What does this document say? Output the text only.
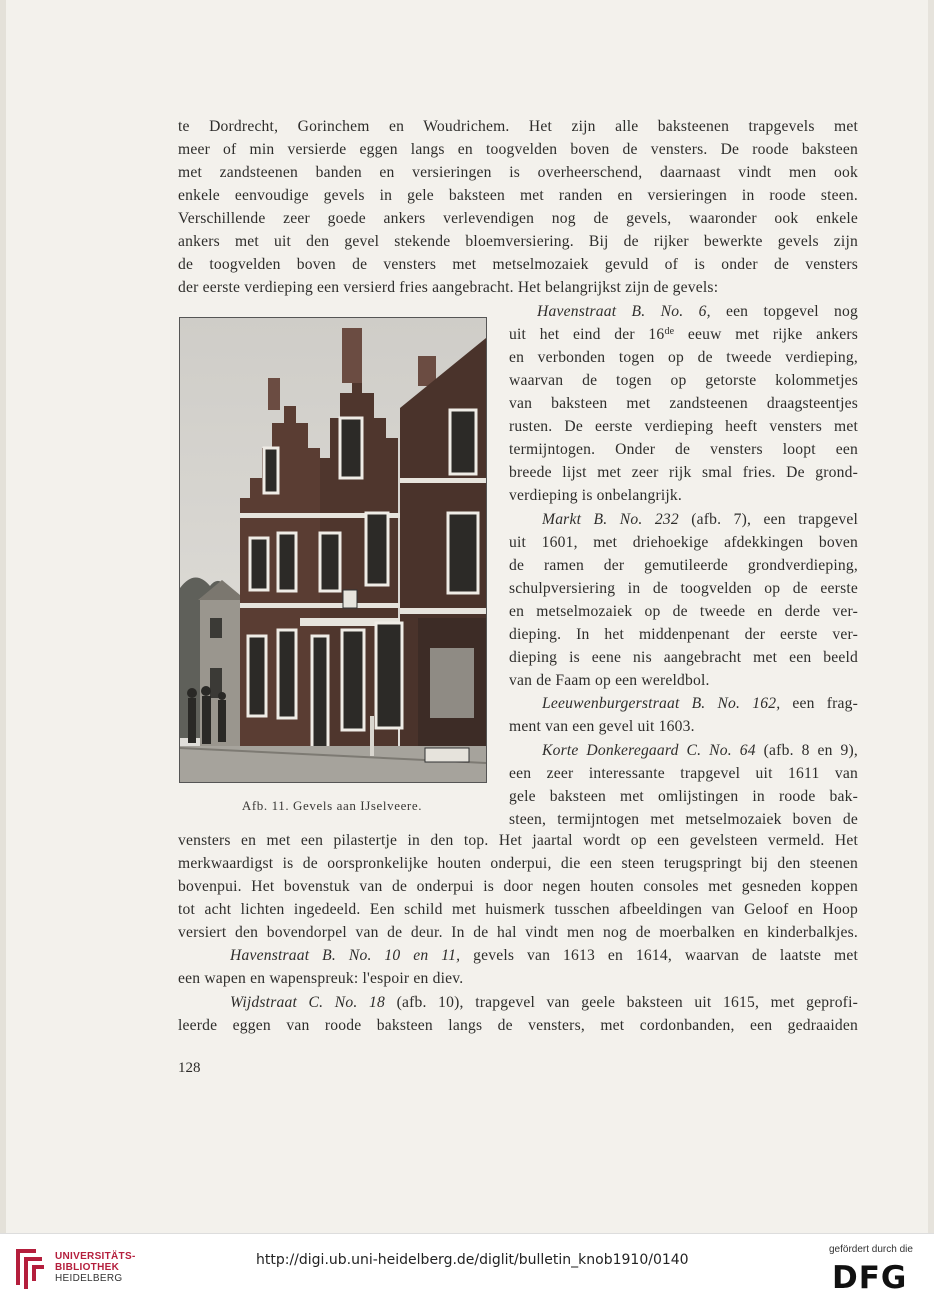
te Dordrecht, Gorinchem en Woudrichem. Het zijn alle baksteenen trapgevels met
meer of min versierde eggen langs en toogvelden boven de vensters. De roode baksteen
met zandsteenen banden en versieringen is overheerschend, daarnaast vindt men ook
enkele eenvoudige gevels in gele baksteen met randen en versieringen in roode steen.
Verschillende zeer goede ankers verlevendigen nog de gevels, waaronder ook enkele
ankers met uit den gevel stekende bloemversiering. Bij de rijker bewerkte gevels zijn
de toogvelden boven de vensters met metselmozaiek gevuld of is onder de vensters
der eerste verdieping een versierd fries aangebracht. Het belangrijkst zijn de gevels:
Havenstraat B. No. 6, een topgevel nog
uit het eind der 16de eeuw met rijke ankers
en verbonden togen op de tweede verdieping,
waarvan de togen op getorste kolommetjes
van baksteen met zandsteenen draagsteentjes
rusten. De eerste verdieping heeft vensters met
termijntogen. Onder de vensters loopt een
breede lijst met zeer rijk smal fries. De grond-
verdieping is onbelangrijk.
Markt B. No. 232 (afb. 7), een trapgevel
uit 1601, met driehoekige afdekkingen boven
de ramen der gemutileerde grondverdieping,
schulpversiering in de toogvelden op de eerste
en metselmozaiek op de tweede en derde ver-
dieping. In het middenpenant der eerste ver-
dieping is eene nis aangebracht met een beeld
van de Faam op een wereldbol.
Leeuwenburgerstraat B. No. 162, een frag-
ment van een gevel uit 1603.
Korte Donkeregaard C. No. 64 (afb. 8 en 9),
een zeer interessante trapgevel uit 1611 van
gele baksteen met omlijstingen in roode bak-
steen, termijntogen met metselmozaiek boven de
Afb. 11. Gevels aan IJselveere.
vensters en met een pilastertje in den top. Het jaartal wordt op een gevelsteen vermeld. Het
merkwaardigst is de oorspronkelijke houten onderpui, die een steen terugspringt bij den steenen
bovenpui. Het bovenstuk van de onderpui is door negen houten consoles met gesneden koppen
tot acht lichten ingedeeld. Een schild met huismerk tusschen afbeeldingen van Geloof en Hoop
versiert den bovendorpel van de deur. In de hal vindt men nog de moerbalken en kinderbalkjes.
Havenstraat B. No. 10 en 11, gevels van 1613 en 1614, waarvan de laatste met
een wapen en wapenspreuk: l'espoir en diev.
Wijdstraat C. No. 18 (afb. 10), trapgevel van geele baksteen uit 1615, met geprofi-
leerde eggen van roode baksteen langs de vensters, met cordonbanden, een gedraaiden
128
UNIVERSITÄTS-
BIBLIOTHEK
HEIDELBERG
http://digi.ub.uni-heidelberg.de/diglit/bulletin_knob1910/0140
gefördert durch die
DFG
